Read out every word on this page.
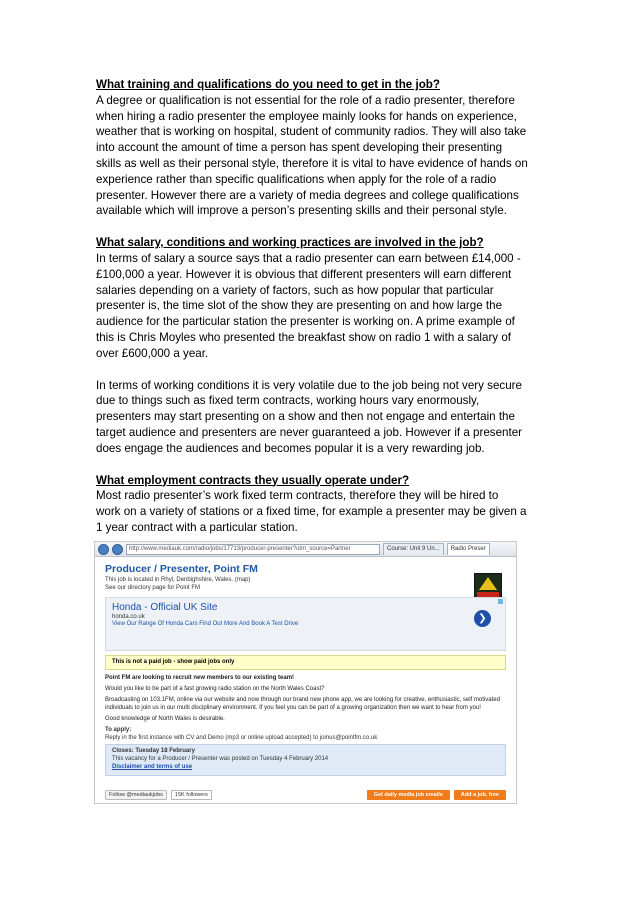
What training and qualifications do you need to get in the job?

A degree or qualification is not essential for the role of a radio presenter, therefore
when hiring a radio presenter the employee mainly looks for hands on experience,
weather that is working on hospital, student of community radios. They will also take
into account the amount of time a person has spent developing their presenting
skills as well as their personal style, therefore it is vital to have evidence of hands on
experience rather than specific qualifications when apply for the role of a radio
presenter. However there are a variety of media degrees and college qualifications
available which will improve a person’s presenting skills and their personal style.

What salary, conditions and working practices are involved in the job?

In terms of salary a source says that a radio presenter can earn between £14,000 -
£100,000 a year. However it is obvious that different presenters will earn different
salaries depending on a variety of factors, such as how popular that particular
presenter is, the time slot of the show they are presenting on and how large the
audience for the particular station the presenter is working on. A prime example of
this is Chris Moyles who presented the breakfast show on radio 1 with a salary of
over £600,000 a year.

In terms of working conditions it is very volatile due to the job being not very secure
due to things such as fixed term contracts, working hours vary enormously,
presenters may start presenting on a show and then not engage and entertain the
target audience and presenters are never guaranteed a job. However if a presenter
does engage the audiences and becomes popular it is a very rewarding job.

What employment contracts they usually operate under?

Most radio presenter’s work fixed term contracts, therefore they will be hired to
work on a variety of stations or a fixed time, for example a presenter may be given a
1 year contract with a particular station.

http://www.mediauk.com/radio/jobs/17713/producer-presenter?utm_source=Partner	Course: Unit 9 Un...	Radio Preser

Producer / Presenter, Point FM

This job is located in Rhyl, Denbighshire, Wales. (map)

See our directory page for Point FM

Honda - Official UK Site

honda.co.uk

View Our Range Of Honda Cars Find Out More And Book A Test Drive	❯
This is not a paid job - show paid jobs only

Point FM are looking to recruit new members to our existing team!

Would you like to be part of a fast growing radio station on the North Wales Coast?

Broadcasting on 103.1FM, online via our website and now through our brand new phone app, we are looking for creative, enthusiastic, self motivated individuals to join us in our multi disciplinary environment. If you feel you can be part of a growing organization then we want to hear from you!

Good knowledge of North Wales is desirable.

To apply:

Reply in the first instance with CV and Demo (mp3 or online upload accepted) to joinus@pointfm.co.uk

Closes: Tuesday 18 February

This vacancy for a Producer / Presenter was posted on Tuesday 4 February 2014

Disclaimer and terms of use

Follow @mediaukjobs	15K followers	Get daily media job emails	Add a job, free
